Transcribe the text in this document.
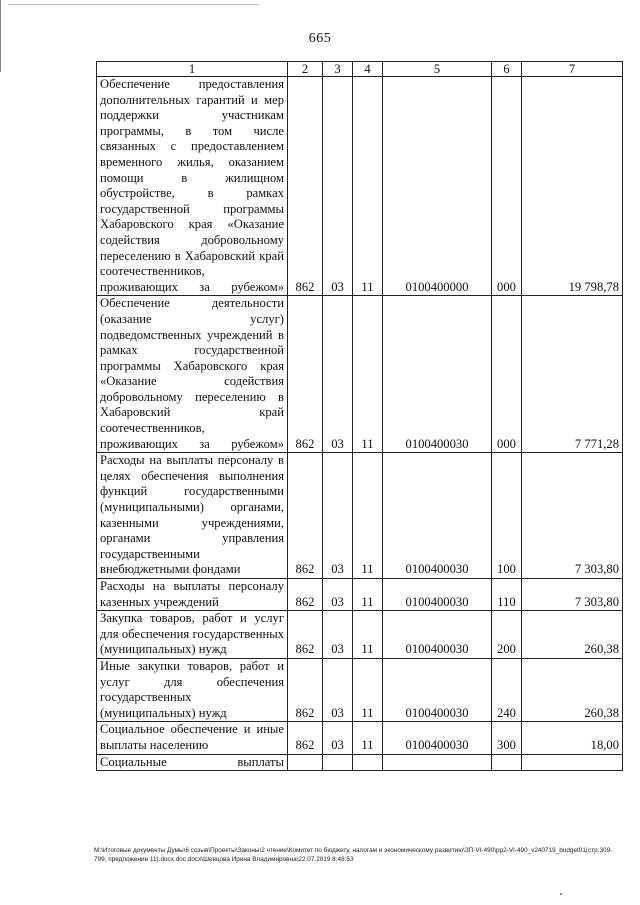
665
1	2	3	4	5	6	7
Обеспечение предоставления дополнительных гарантий и мер поддержки участникам программы, в том числе связанных с предоставлением временного жилья, оказанием помощи в жилищном обустройстве, в рамках государственной программы Хабаровского края «Оказание содействия добровольному переселению в Хабаровский край соотечественников, проживающих за рубежом»	862	03	11	0100400000	000	19 798,78
Обеспечение деятельности (оказание услуг) подведомственных учреждений в рамках государственной программы Хабаровского края «Оказание содействия добровольному переселению в Хабаровский край соотечественников, проживающих за рубежом»	862	03	11	0100400030	000	7 771,28
Расходы на выплаты персоналу в целях обеспечения выполнения функций государственными (муниципальными) органами, казенными учреждениями, органами управления государственными внебюджетными фондами	862	03	11	0100400030	100	7 303,80
Расходы на выплаты персоналу казенных учреждений	862	03	11	0100400030	110	7 303,80
Закупка товаров, работ и услуг для обеспечения государственных (муниципальных) нужд	862	03	11	0100400030	200	260,38
Иные закупки товаров, работ и услуг для обеспечения государственных (муниципальных) нужд	862	03	11	0100400030	240	260,38
Социальное обеспечение и иные выплаты населению	862	03	11	0100400030	300	18,00
Социальные выплаты						
M:\Итоговые документы Думы\6 созыв\Проекты\Законы\2 чтение\Комитет по бюджету, налогам и экономическому развитию\ЗП-VI-490\рр2-VI-490_v240719_budget01(стр.309-799, предложение 11).docx.doc.docx\Шевцова Ирина Владимировна\22.07.2019 8:48:53
